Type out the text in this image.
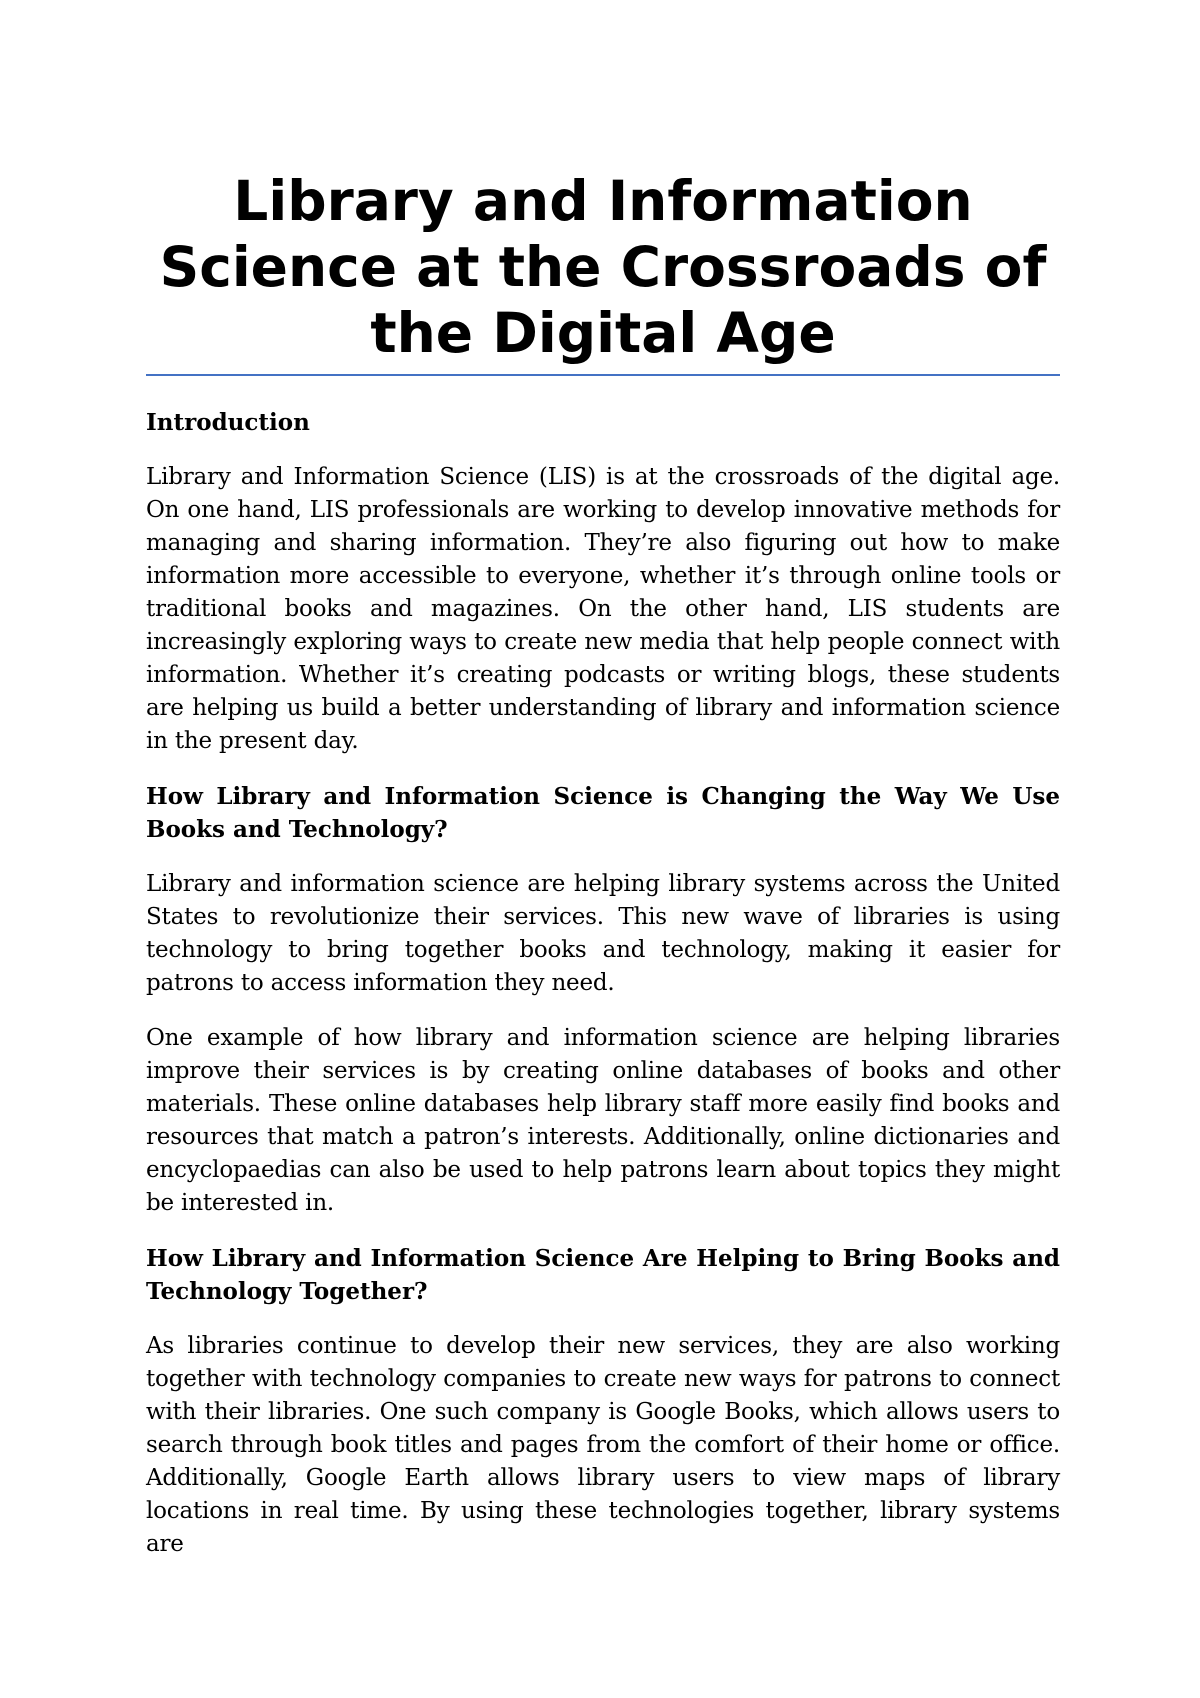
Library and Information Science at the Crossroads of the Digital Age

Introduction

Library and Information Science (LIS) is at the crossroads of the digital age. On one hand, LIS professionals are working to develop innovative methods for managing and sharing information. They’re also figuring out how to make information more accessible to everyone, whether it’s through online tools or traditional books and magazines. On the other hand, LIS students are increasingly exploring ways to create new media that help people connect with information. Whether it’s creating podcasts or writing blogs, these students are helping us build a better understanding of library and information science in the present day.

How Library and Information Science is Changing the Way We Use Books and Technology?

Library and information science are helping library systems across the United States to revolutionize their services. This new wave of libraries is using technology to bring together books and technology, making it easier for patrons to access information they need.

One example of how library and information science are helping libraries improve their services is by creating online databases of books and other materials. These online databases help library staff more easily find books and resources that match a patron’s interests. Additionally, online dictionaries and encyclopaedias can also be used to help patrons learn about topics they might be interested in.

How Library and Information Science Are Helping to Bring Books and Technology Together?

As libraries continue to develop their new services, they are also working together with technology companies to create new ways for patrons to connect with their libraries. One such company is Google Books, which allows users to search through book titles and pages from the comfort of their home or office. Additionally, Google Earth allows library users to view maps of library locations in real time. By using these technologies together, library systems are
